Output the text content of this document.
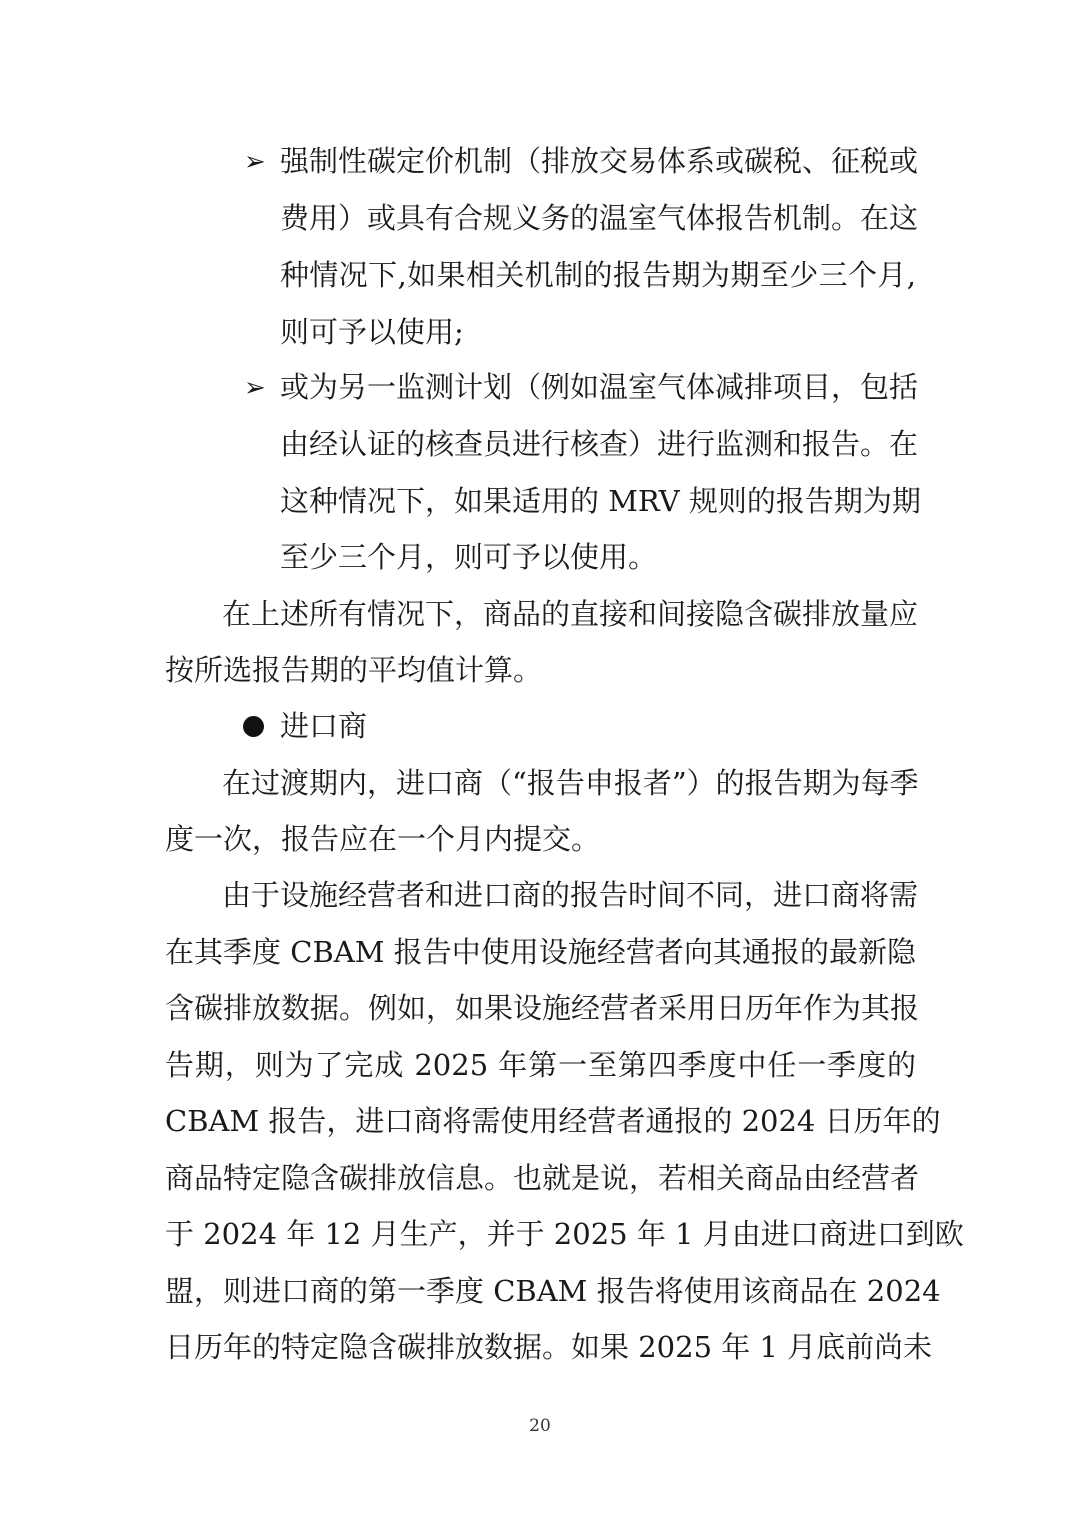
➢ 强制性碳定价机制（排放交易体系或碳税、征税或
费用）或具有合规义务的温室气体报告机制。在这
种情况下,如果相关机制的报告期为期至少三个月,
则可予以使用;
➢ 或为另一监测计划（例如温室气体减排项目，包括
由经认证的核查员进行核查）进行监测和报告。在
这种情况下，如果适用的 MRV 规则的报告期为期
至少三个月，则可予以使用。
在上述所有情况下，商品的直接和间接隐含碳排放量应
按所选报告期的平均值计算。
进口商
在过渡期内，进口商（“报告申报者”）的报告期为每季
度一次，报告应在一个月内提交。
由于设施经营者和进口商的报告时间不同，进口商将需
在其季度 CBAM 报告中使用设施经营者向其通报的最新隐
含碳排放数据。例如，如果设施经营者采用日历年作为其报
告期，则为了完成 2025 年第一至第四季度中任一季度的
CBAM 报告，进口商将需使用经营者通报的 2024 日历年的
商品特定隐含碳排放信息。也就是说，若相关商品由经营者
于 2024 年 12 月生产，并于 2025 年 1 月由进口商进口到欧
盟，则进口商的第一季度 CBAM 报告将使用该商品在 2024
日历年的特定隐含碳排放数据。如果 2025 年 1 月底前尚未
20
